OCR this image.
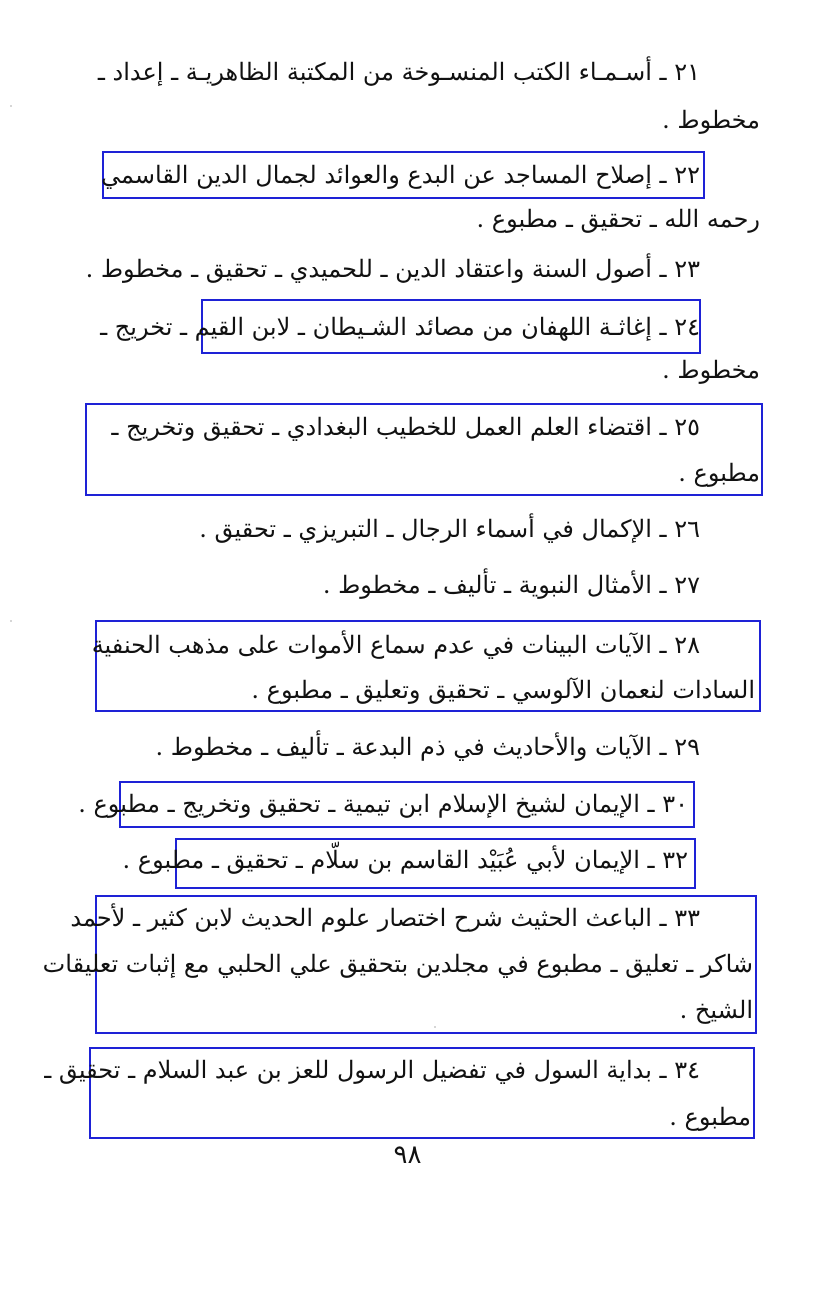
٢١ ـ أسـمـاء الكتب المنسـوخة من المكتبة الظاهريـة ـ إعداد ـ
مخطوط .
٢٢ ـ إصلاح المساجد عن البدع والعوائد لجمال الدين القاسمي
رحمه الله ـ تحقيق ـ مطبوع .
٢٣ ـ أصول السنة واعتقاد الدين ـ للحميدي ـ تحقيق ـ مخطوط .
٢٤ ـ إغاثـة اللهفان من مصائد الشـيطان ـ لابن القيم ـ تخريج ـ
مخطوط .
٢٥ ـ اقتضاء العلم العمل للخطيب البغدادي ـ تحقيق وتخريج ـ
مطبوع .
٢٦ ـ الإكمال في أسماء الرجال ـ التبريزي ـ تحقيق .
٢٧ ـ الأمثال النبوية ـ تأليف ـ مخطوط .
٢٨ ـ الآيات البينات في عدم سماع الأموات على مذهب الحنفية
السادات لنعمان الآلوسي ـ تحقيق وتعليق ـ مطبوع .
٢٩ ـ الآيات والأحاديث في ذم البدعة ـ تأليف ـ مخطوط .
٣٠ ـ الإيمان لشيخ الإسلام ابن تيمية ـ تحقيق وتخريج ـ مطبوع .
٣٢ ـ الإيمان لأبي عُبَيْد القاسم بن سلّام ـ تحقيق ـ مطبوع .
٣٣ ـ الباعث الحثيث شرح اختصار علوم الحديث لابن كثير ـ لأحمد
شاكر ـ تعليق ـ مطبوع في مجلدين بتحقيق علي الحلبي مع إثبات تعليقات
الشيخ .
٣٤ ـ بداية السول في تفضيل الرسول للعز بن عبد السلام ـ تحقيق ـ
مطبوع .
٩٨
